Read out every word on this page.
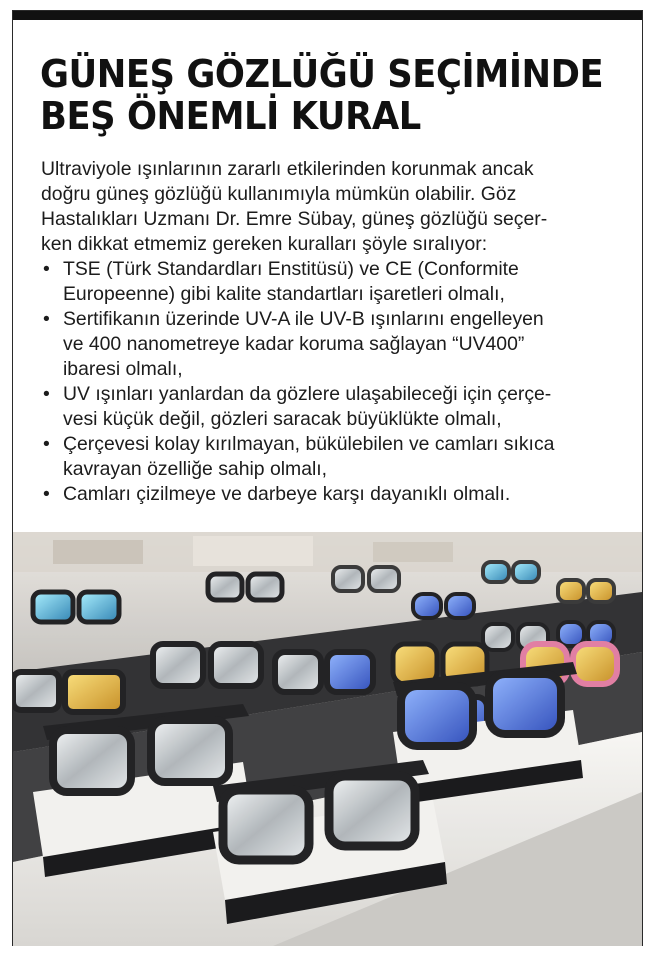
GÜNEŞ GÖZLÜĞÜ SEÇİMİNDE
BEŞ ÖNEMLİ KURAL

Ultraviyole ışınlarının zararlı etkilerinden korunmak ancak
doğru güneş gözlüğü kullanımıyla mümkün olabilir. Göz
Hastalıkları Uzmanı Dr. Emre Sübay, güneş gözlüğü seçer-
ken dikkat etmemiz gereken kuralları şöyle sıralıyor:

• TSE (Türk Standardları Enstitüsü) ve CE (Conformite
Europeenne) gibi kalite standartları işaretleri olmalı,
• Sertifikanın üzerinde UV-A ile UV-B ışınlarını engelleyen
ve 400 nanometreye kadar koruma sağlayan “UV400”
ibaresi olmalı,
• UV ışınları yanlardan da gözlere ulaşabileceği için çerçe-
vesi küçük değil, gözleri saracak büyüklükte olmalı,
• Çerçevesi kolay kırılmayan, bükülebilen ve camları sıkıca
kavrayan özelliğe sahip olmalı,
• Camları çizilmeye ve darbeye karşı dayanıklı olmalı.
